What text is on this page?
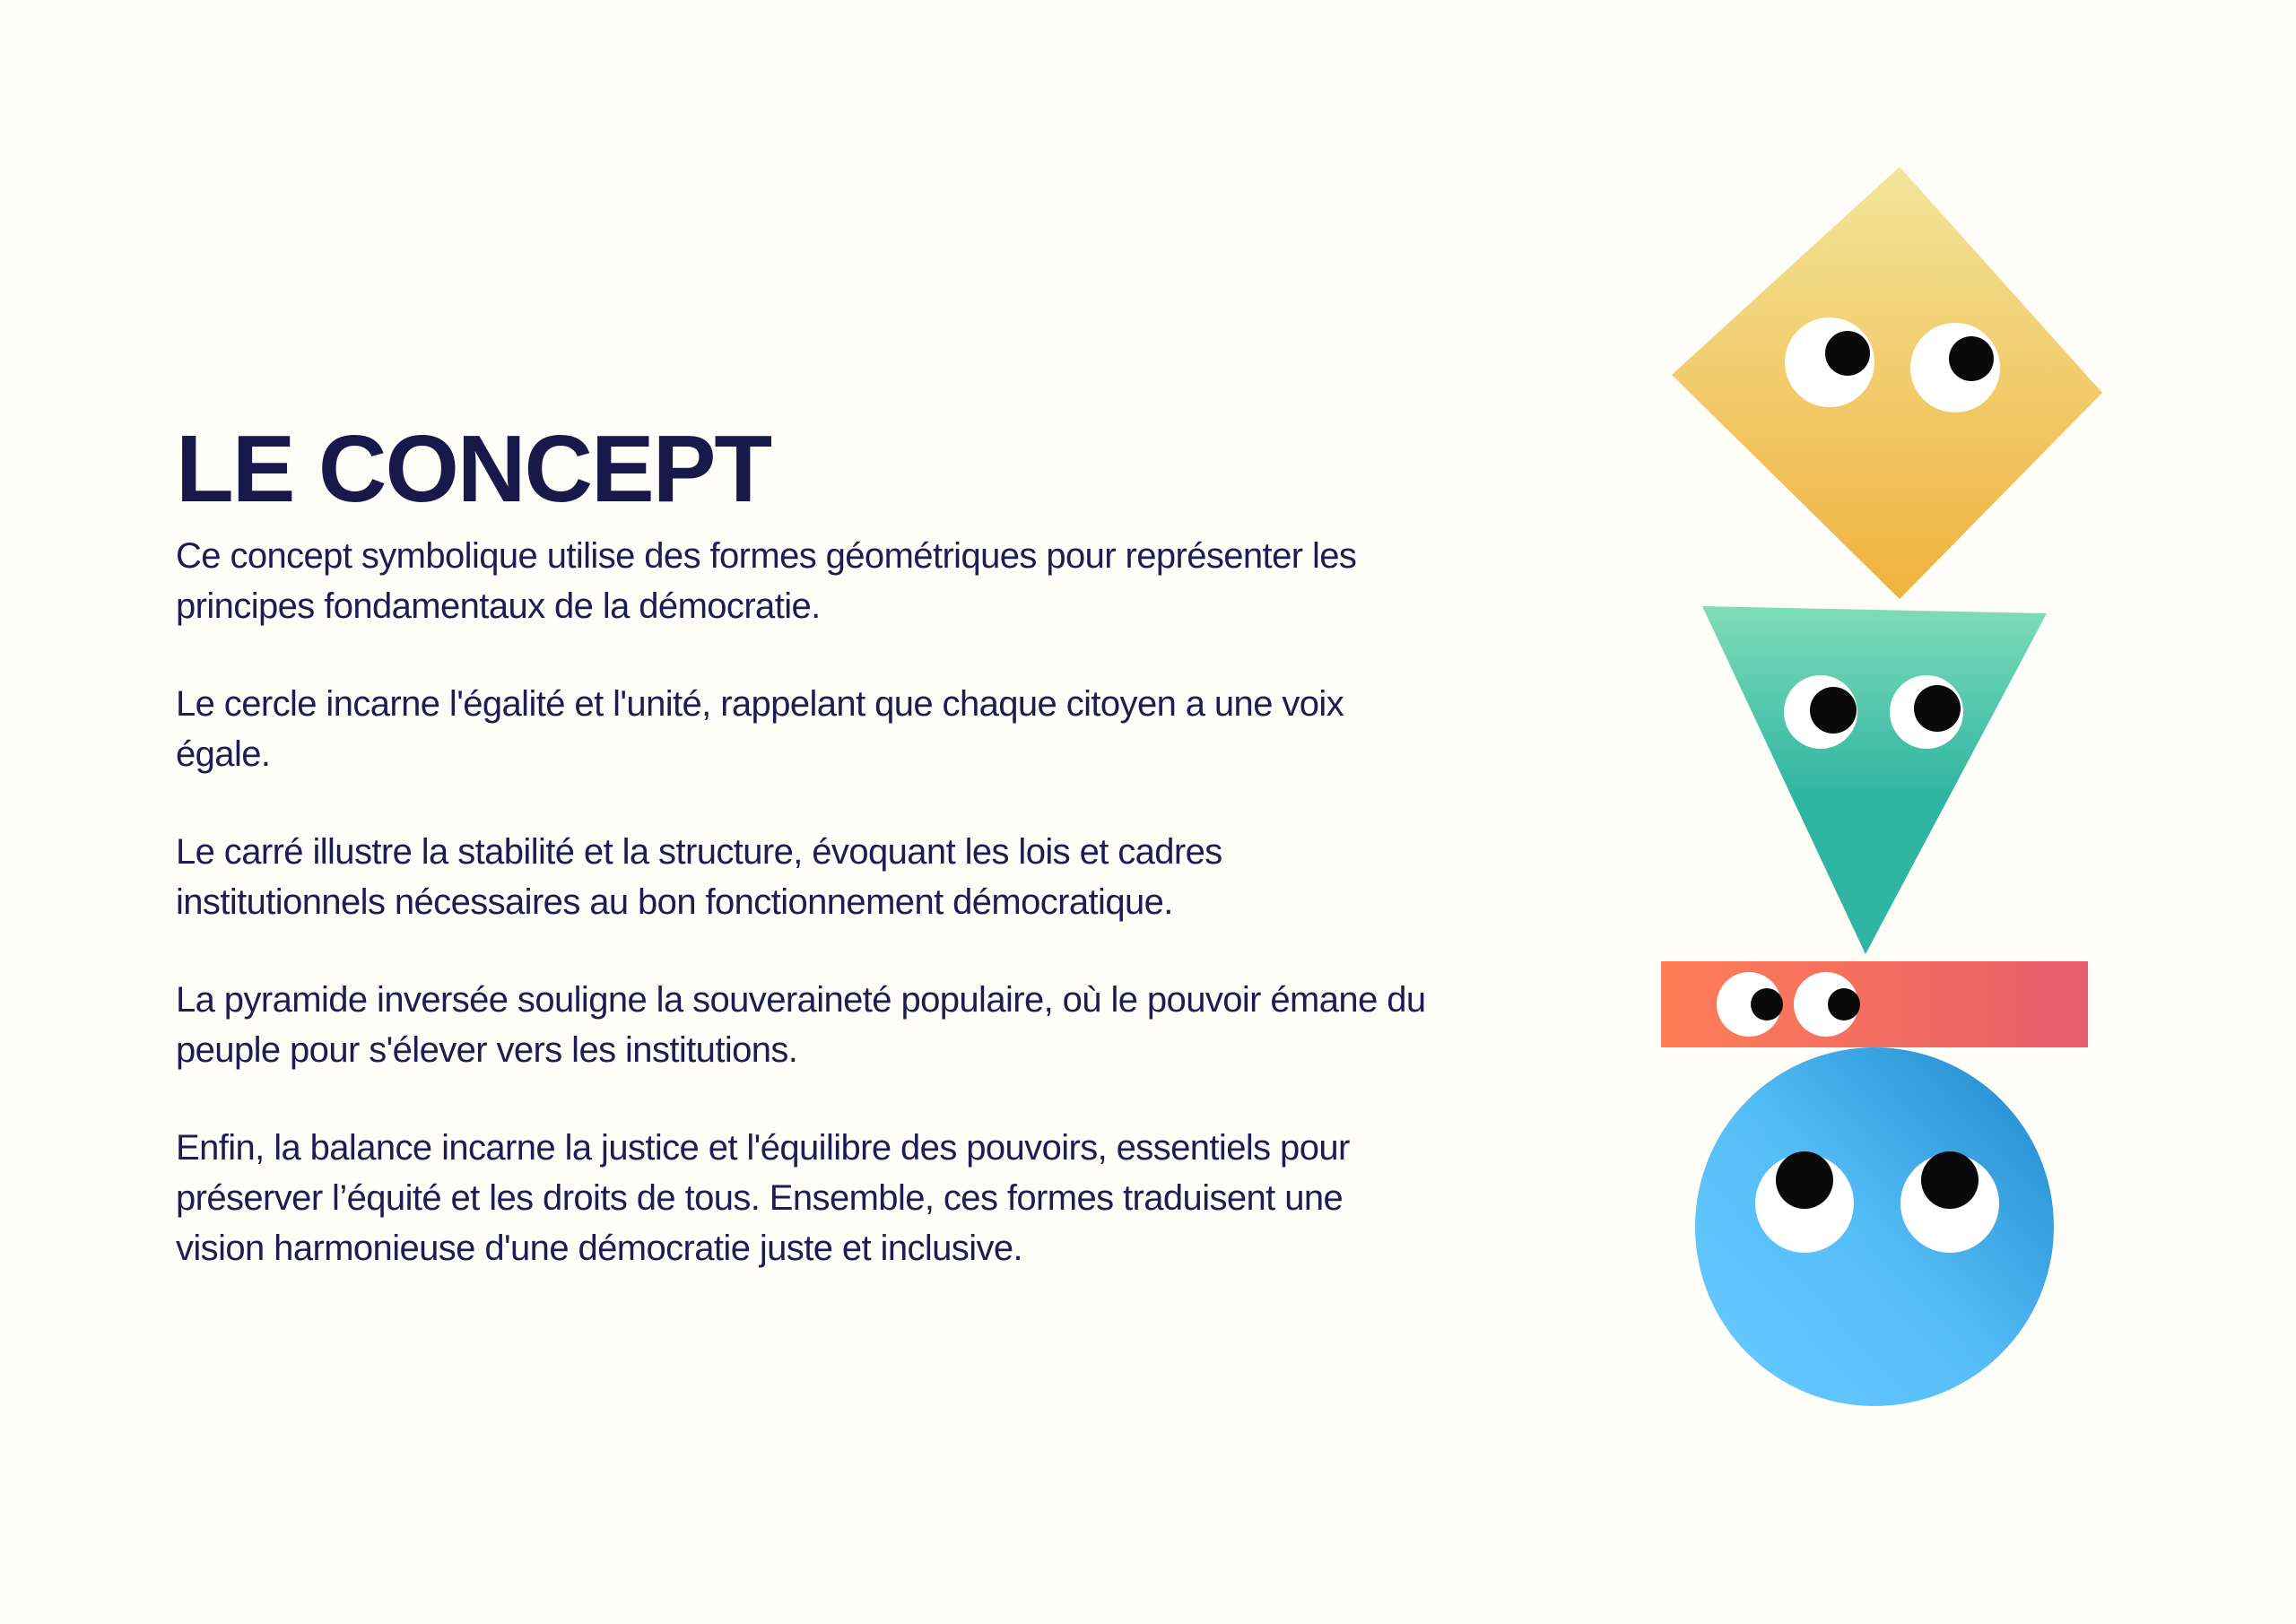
LE CONCEPT

Ce concept symbolique utilise des formes géométriques pour représenter les principes fondamentaux de la démocratie.

Le cercle incarne l'égalité et l'unité, rappelant que chaque citoyen a une voix égale.

Le carré illustre la stabilité et la structure, évoquant les lois et cadres institutionnels nécessaires au bon fonctionnement démocratique.

La pyramide inversée souligne la souveraineté populaire, où le pouvoir émane du peuple pour s'élever vers les institutions.

Enfin, la balance incarne la justice et l'équilibre des pouvoirs, essentiels pour préserver l’équité et les droits de tous. Ensemble, ces formes traduisent une vision harmonieuse d'une démocratie juste et inclusive.
